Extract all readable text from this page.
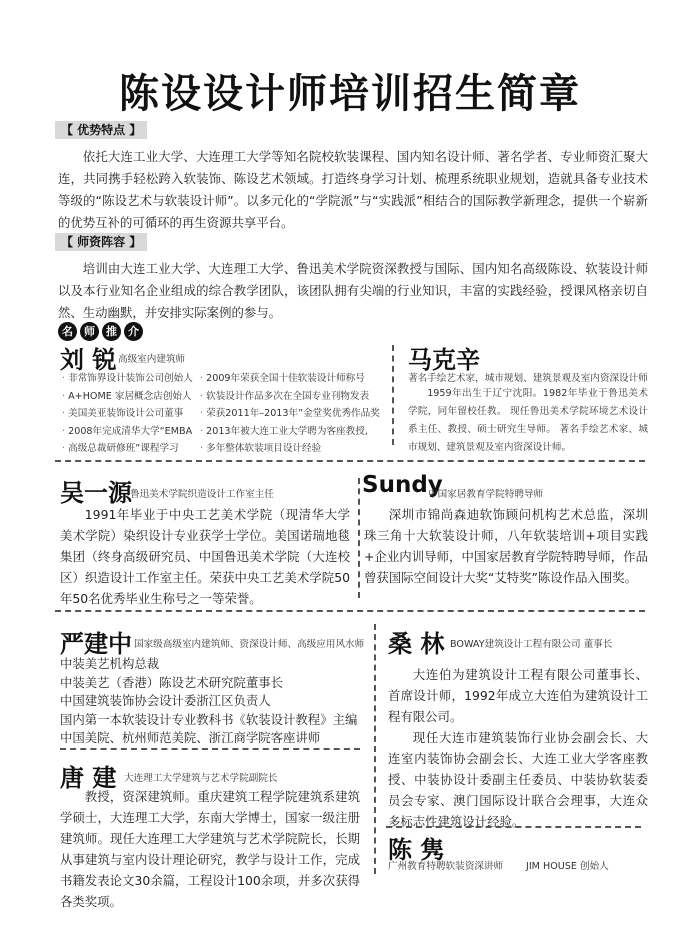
陈设设计师培训招生简章
【 优势特点 】
依托大连工业大学、大连理工大学等知名院校软装课程、国内知名设计师、著名学者、专业师资汇聚大连，共同携手轻松跨入软装饰、陈设艺术领域。打造终身学习计划、梳理系统职业规划，造就具备专业技术等级的“陈设艺术与软装设计师”。以多元化的“学院派”与“实践派”相结合的国际教学新理念，提供一个崭新的优势互补的可循环的再生资源共享平台。
【 师资阵容 】
培训由大连工业大学、大连理工大学、鲁迅美术学院资深教授与国际、国内知名高级陈设、软装设计师以及本行业知名企业组成的综合教学团队，该团队拥有尖端的行业知识，丰富的实践经验，授课风格亲切自然、生动幽默，并安排实际案例的参与。
名	师	推	介
刘 锐 高级室内建筑师
· 非常饰界设计装饰公司创始人
· A+HOME 家居概念店创始人
· 美国美亚装饰设计公司董事
· 2008年完成清华大学“EMBA
· 高级总裁研修班”课程学习
· 2009年荣获全国十佳软装设计师称号
· 软装设计作品多次在全国专业刊物发表
· 荣获2011年–2013年”金堂奖优秀作品奖
· 2013年被大连工业大学聘为客座教授,
· 多年整体软装项目设计经验
马克辛
著名手绘艺术家，城市规划、建筑景观及室内资深设计师
1959年出生于辽宁沈阳。1982年毕业于鲁迅美术学院，同年留校任教。 现任鲁迅美术学院环境艺术设计系主任、教授、硕士研究生导师。 著名手绘艺术家、城市规划、建筑景观及室内资深设计师。
吴一源
鲁迅美术学院织造设计工作室主任
1991年毕业于中央工艺美术学院（现清华大学美术学院）染织设计专业获学士学位。美国诺瑞地毯集团（终身高级研究员、中国鲁迅美术学院（大连校区）织造设计工作室主任。荣获中央工艺美术学院50年50名优秀毕业生称号之一等荣誉。
Sundy
中国家居教育学院特聘导师
深圳市锦尚森迪软饰顾问机构艺术总监，深圳珠三角十大软装设计师，八年软装培训+项目实践+企业内训导师，中国家居教育学院特聘导师，作品曾获国际空间设计大奖“艾特奖”陈设作品入围奖。
严建中 国家级高级室内建筑师、资深设计师、高级应用风水师
中装美艺机构总裁
中装美艺（香港）陈设艺术研究院董事长
中国建筑装饰协会设计委浙江区负责人
国内第一本软装设计专业教科书《软装设计教程》主编
中国美院、杭州师范美院、浙江商学院客座讲师
唐 建 大连理工大学建筑与艺术学院副院长
教授，资深建筑师。重庆建筑工程学院建筑系建筑学硕士，大连理工大学，东南大学博士，国家一级注册建筑师。现任大连理工大学建筑与艺术学院院长，长期从事建筑与室内设计理论研究，教学与设计工作，完成书籍发表论文30余篇，工程设计100余项，并多次获得各类奖项。
桑 林 BOWAY建筑设计工程有限公司 董事长
大连伯为建筑设计工程有限公司董事长、首席设计师，1992年成立大连伯为建筑设计工程有限公司。
现任大连市建筑装饰行业协会副会长、大连室内装饰协会副会长、大连工业大学客座教授、中装协设计委副主任委员、中装协软装委员会专家、澳门国际设计联合会理事，大连众多标志性建筑设计经验。
陈 隽
广州教育特聘软装资深讲师 JIM HOUSE 创始人
